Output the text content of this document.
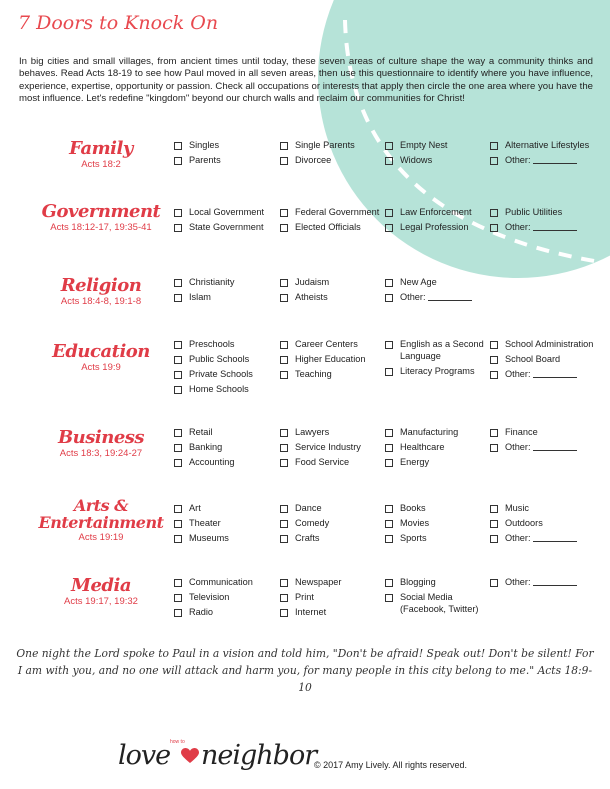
7 Doors to Knock On

In big cities and small villages, from ancient times until today, these seven areas of culture shape the way a community thinks and behaves. Read Acts 18-19 to see how Paul moved in all seven areas, then use this questionnaire to identify where you have influence, experience, expertise, opportunity or passion. Check all occupations or interests that apply then circle the one area where you have the most influence. Let's redefine "kingdom" beyond our church walls and reclaim our communities for Christ!

Family
Acts 18:2
Singles
Parents
Single Parents
Divorcee
Empty Nest
Widows
Alternative Lifestyles
Other:
Government
Acts 18:12-17, 19:35-41
Local Government
State Government
Federal Government
Elected Officials
Law Enforcement
Legal Profession
Public Utilities
Other:
Religion
Acts 18:4-8, 19:1-8
Christianity
Islam
Judaism
Atheists
New Age
Other:
Education
Acts 19:9
Preschools
Public Schools
Private Schools
Home Schools
Career Centers
Higher Education
Teaching
English as a Second Language
Literacy Programs
School Administration
School Board
Other:
Business
Acts 18:3, 19:24-27
Retail
Banking
Accounting
Lawyers
Service Industry
Food Service
Manufacturing
Healthcare
Energy
Finance
Other:
Arts & Entertainment
Acts 19:19
Art
Theater
Museums
Dance
Comedy
Crafts
Books
Movies
Sports
Music
Outdoors
Other:
Media
Acts 19:17, 19:32
Communication
Television
Radio
Newspaper
Print
Internet
Blogging
Social Media (Facebook, Twitter)
Other:

One night the Lord spoke to Paul in a vision and told him, "Don't be afraid! Speak out! Don't be silent! For I am with you, and no one will attack and harm you, for many people in this city belong to me." Acts 18:9-10

how to
love neighbor
© 2017 Amy Lively. All rights reserved.
